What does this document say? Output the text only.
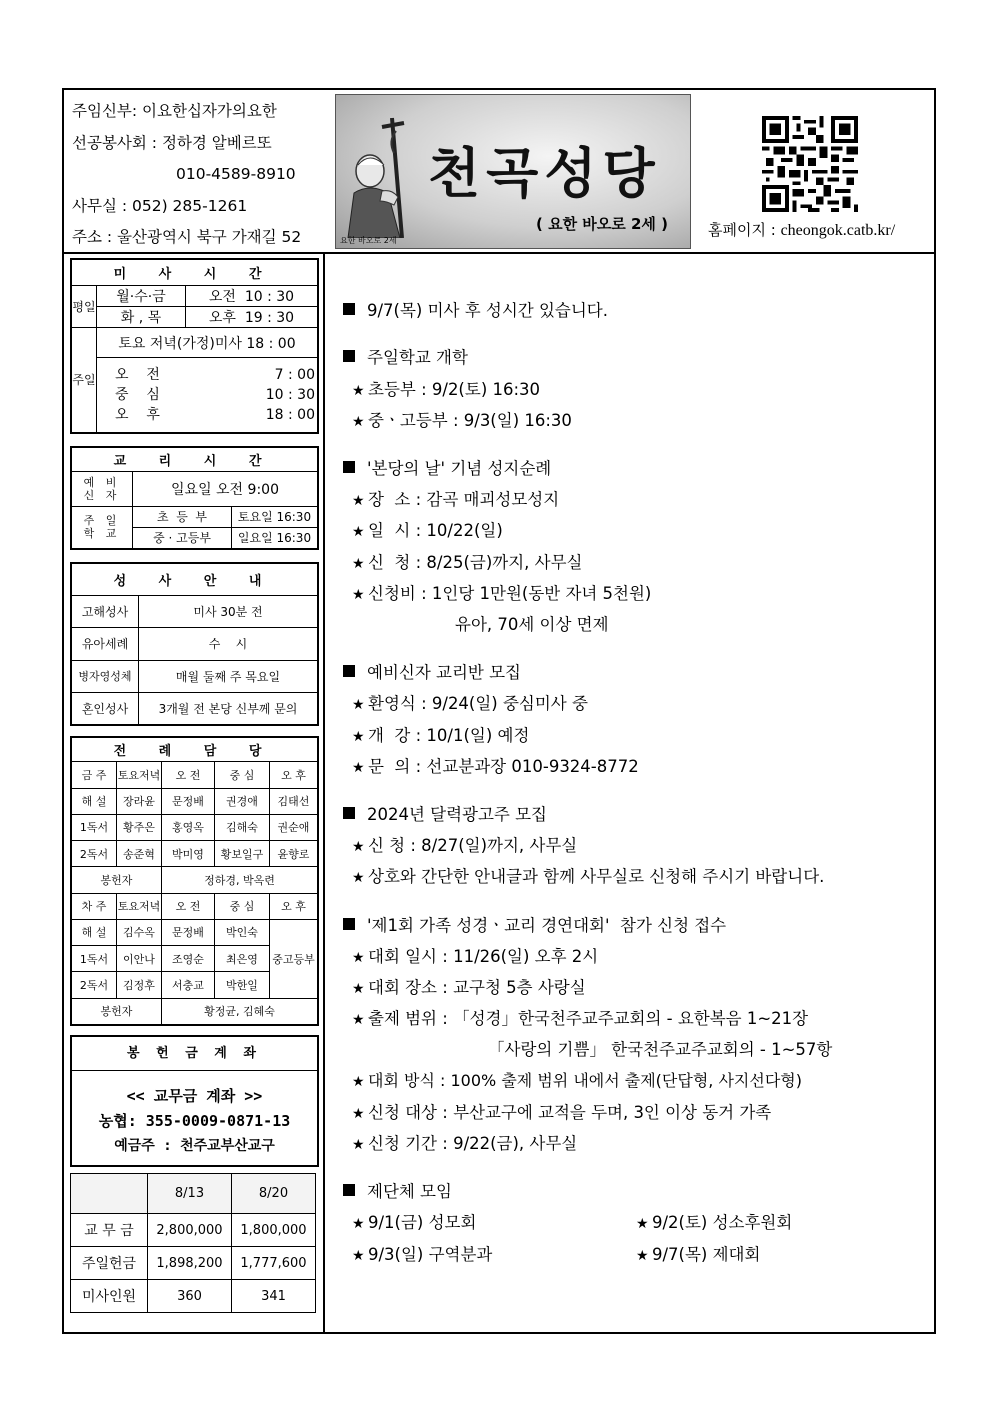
주임신부: 이요한십자가의요한
선공봉사회 : 정하경 알베르또
010-4589-8910
사무실 : 052) 285-1261
주소 : 울산광역시 북구 가재길 52	요한 바오로 2세
천곡성당
( 요한 바오로 2세 )	홈페이지 : cheongok.catb.kr/
미 사 시 간		
평일	월·수·금	오전  10 : 30
	화 , 목	오후  19 : 30
주일	토요 저녁(가정)미사 18 : 00	

	오    전 7 : 00
중    심 10 : 30
오    후 18 : 00	
교 리 시 간		
예 비 신 자	일요일 오전 9:00	
주 일 학 교	초  등  부	토요일 16:30
	중 · 고등부	일요일 16:30
성 사 안 내	
고해성사	미사 30분 전
유아세례	수    시
병자영성체	매월 둘째 주 목요일
혼인성사	3개월 전 본당 신부께 문의
전 례 담 당				
금 주	토요저녁	오 전	중 심	오 후
해 설	장라윤	문정배	권경애	김태선
1독서	황주은	홍영옥	김해숙	권순애
2독서	송준혁	박미영	황보일구	윤향로
봉헌자		정하경, 박옥련		
차 주	토요저녁	오 전	중 심	오 후
해 설	김수옥	문정배	박인숙	중고등부
1독서	이안나	조영순	최은영	
2독서	김정후	서충교	박한일	
봉헌자		황정균, 김혜숙		
봉 헌 금 계 좌
<< 교무금 계좌 >>
농협: 355-0009-0871-13
예금주 : 천주교부산교구
	8/13	8/20
교 무 금	2,800,000	1,800,000
주일헌금	1,898,200	1,777,600
미사인원	360	341
9/7(목) 미사 후 성시간 있습니다.
주일학교 개학
★ 초등부 : 9/2(토) 16:30
★ 중ㆍ고등부 : 9/3(일) 16:30
'본당의 날' 기념 성지순례
★ 장  소 : 감곡 매괴성모성지
★ 일  시 : 10/22(일)
★ 신  청 : 8/25(금)까지, 사무실
★ 신청비 : 1인당 1만원(동반 자녀 5천원)
유아, 70세 이상 면제
예비신자 교리반 모집
★ 환영식 : 9/24(일) 중심미사 중
★ 개  강 : 10/1(일) 예정
★ 문  의 : 선교분과장 010-9324-8772
2024년 달력광고주 모집
★ 신 청 : 8/27(일)까지, 사무실
★ 상호와 간단한 안내글과 함께 사무실로 신청해 주시기 바랍니다.
'제1회 가족 성경ㆍ교리 경연대회'  참가 신청 접수
★ 대회 일시 : 11/26(일) 오후 2시
★ 대회 장소 : 교구청 5층 사랑실
★ 출제 범위 : 「성경」한국천주교주교회의 - 요한복음 1~21장
「사랑의 기쁨」 한국천주교주교회의 - 1~57항
★ 대회 방식 : 100% 출제 범위 내에서 출제(단답형, 사지선다형)
★ 신청 대상 : 부산교구에 교적을 두며, 3인 이상 동거 가족
★ 신청 기간 : 9/22(금), 사무실
제단체 모임
★ 9/1(금) 성모회	★ 9/2(토) 성소후원회
★ 9/3(일) 구역분과	★ 9/7(목) 제대회
